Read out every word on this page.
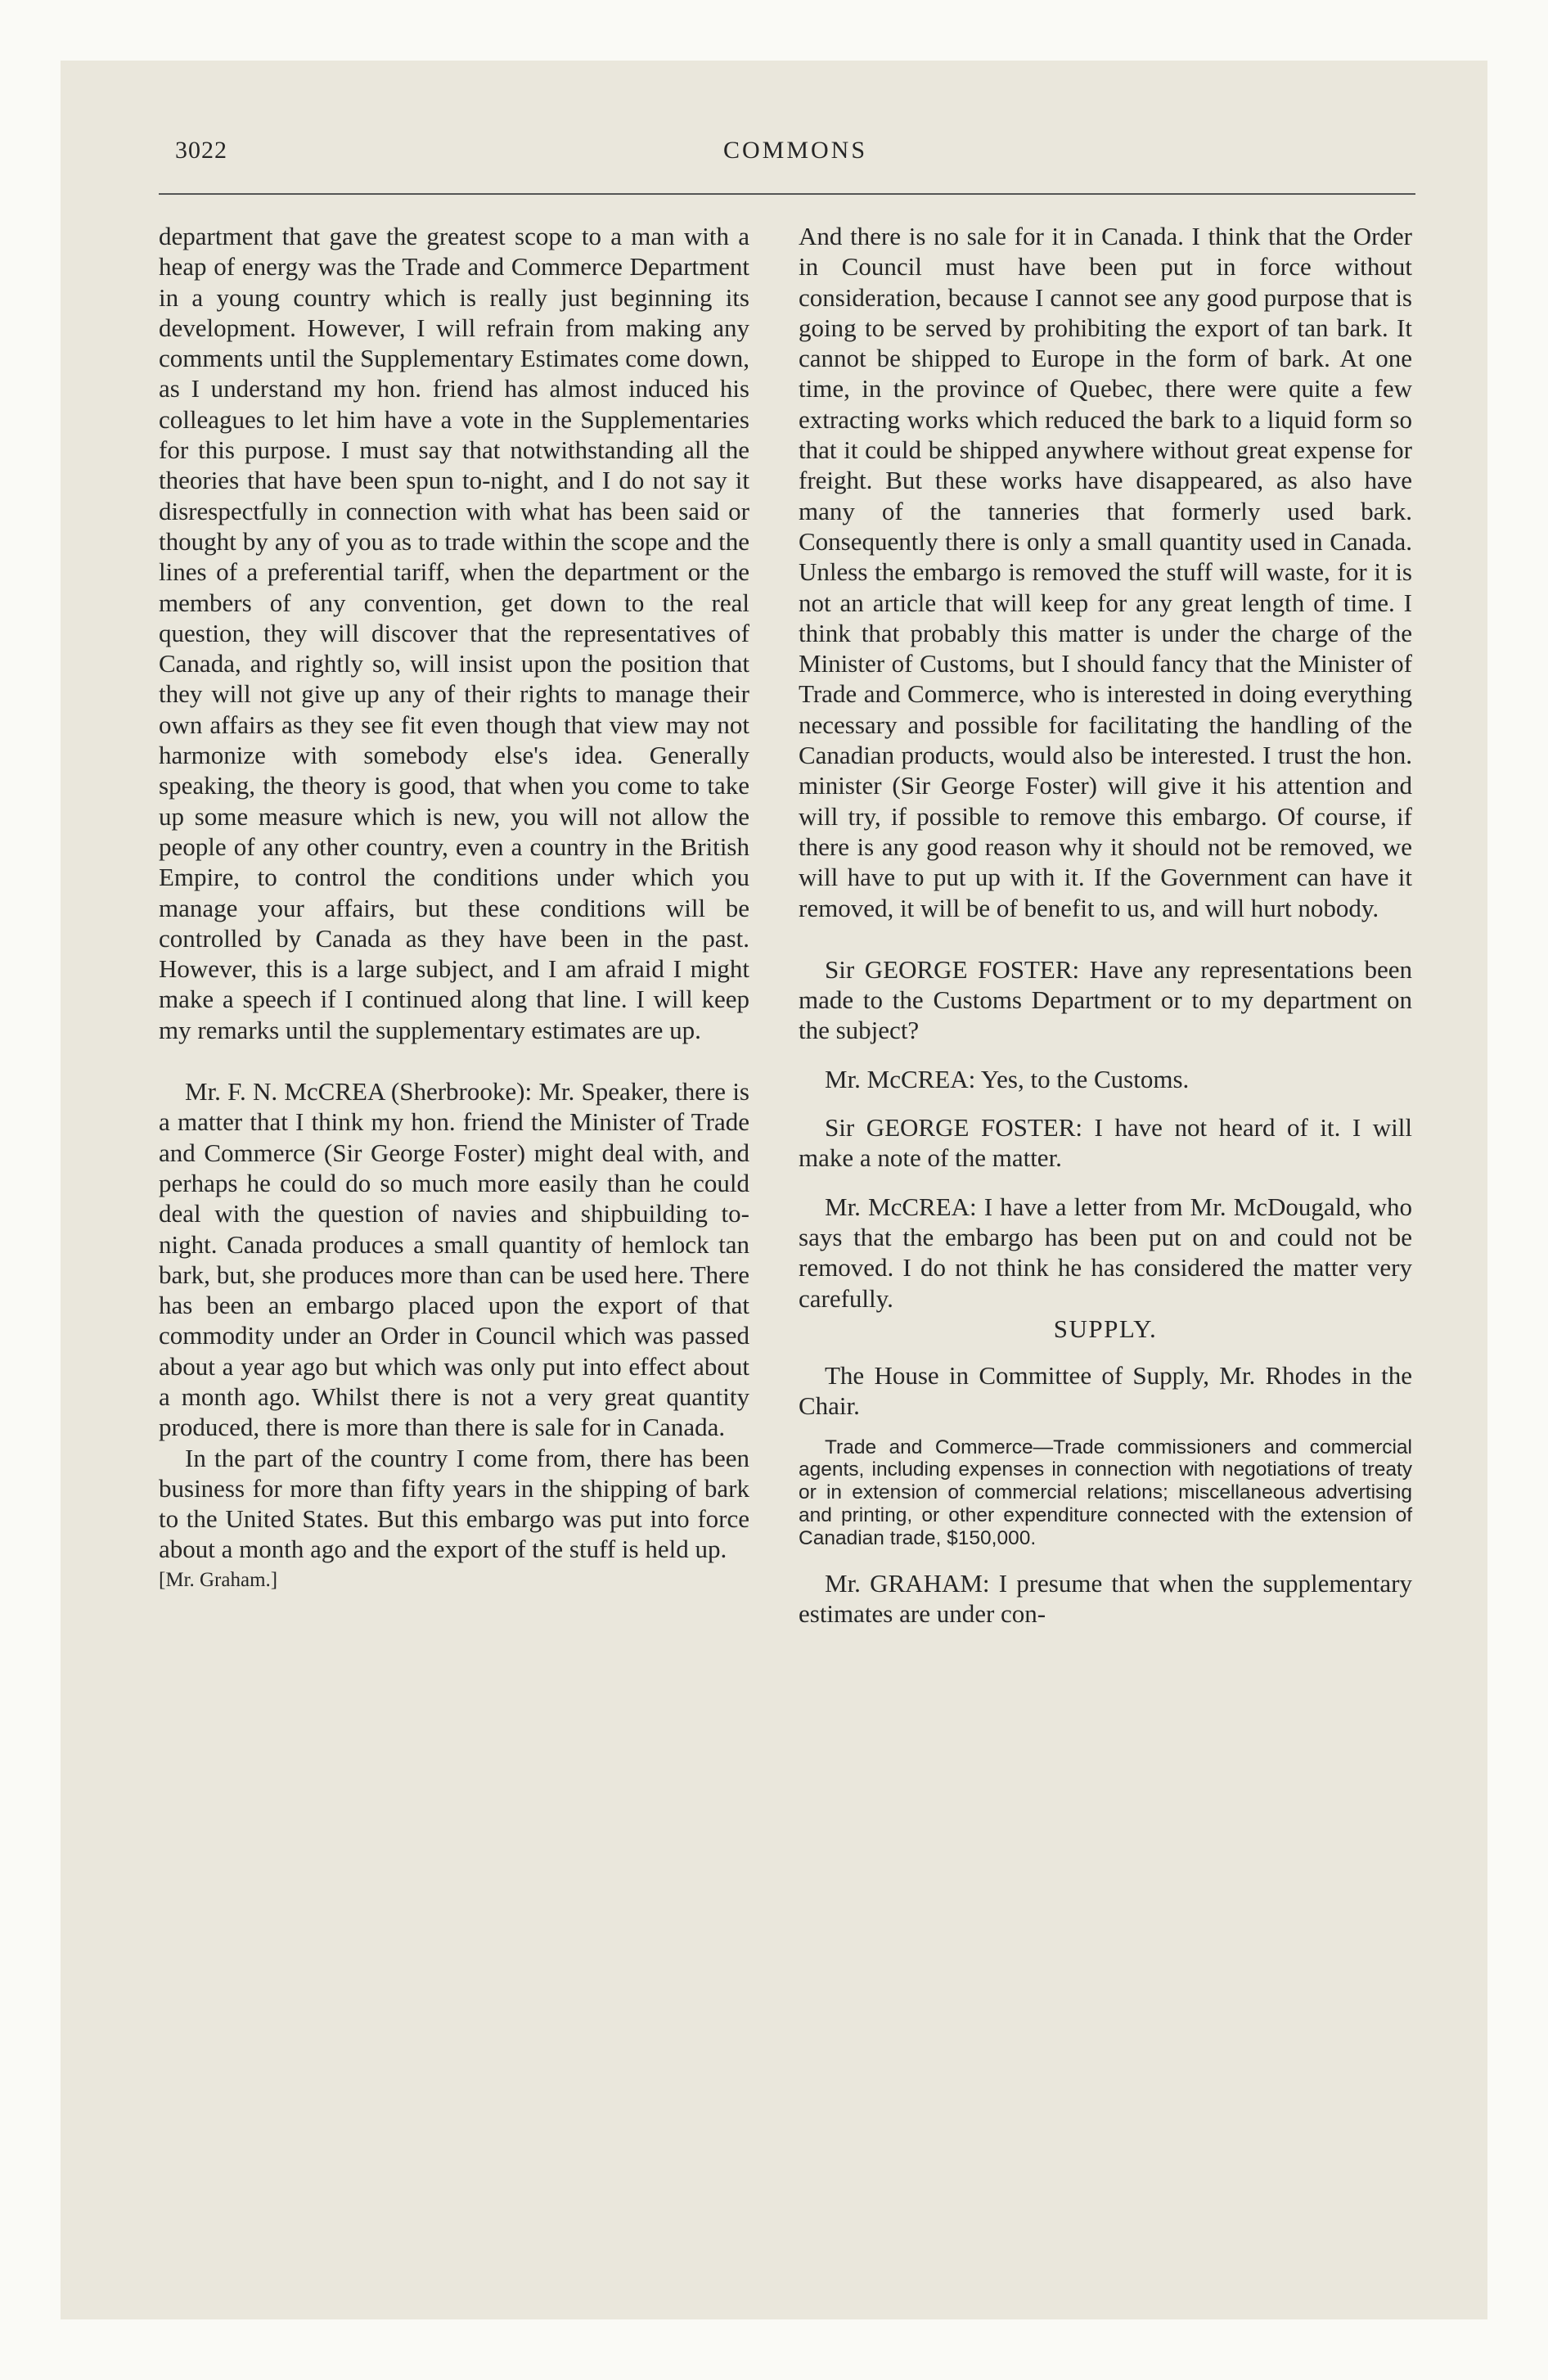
3022	COMMONS

department that gave the greatest scope to a man with a heap of energy was the Trade and Commerce Department in a young country which is really just beginning its development. However, I will refrain from making any comments until the Supplementary Estimates come down, as I understand my hon. friend has almost induced his colleagues to let him have a vote in the Supplementaries for this purpose. I must say that notwithstanding all the theories that have been spun to-night, and I do not say it disrespectfully in connection with what has been said or thought by any of you as to trade within the scope and the lines of a preferential tariff, when the department or the members of any convention, get down to the real question, they will discover that the representatives of Canada, and rightly so, will insist upon the position that they will not give up any of their rights to manage their own affairs as they see fit even though that view may not harmonize with somebody else's idea. Generally speaking, the theory is good, that when you come to take up some measure which is new, you will not allow the people of any other country, even a country in the British Empire, to control the conditions under which you manage your affairs, but these conditions will be controlled by Canada as they have been in the past. However, this is a large subject, and I am afraid I might make a speech if I continued along that line. I will keep my remarks until the supplementary estimates are up.

Mr. F. N. McCREA (Sherbrooke): Mr. Speaker, there is a matter that I think my hon. friend the Minister of Trade and Commerce (Sir George Foster) might deal with, and perhaps he could do so much more easily than he could deal with the question of navies and shipbuilding to-night. Canada produces a small quantity of hemlock tan bark, but, she produces more than can be used here. There has been an embargo placed upon the export of that commodity under an Order in Council which was passed about a year ago but which was only put into effect about a month ago. Whilst there is not a very great quantity produced, there is more than there is sale for in Canada.

In the part of the country I come from, there has been business for more than fifty years in the shipping of bark to the United States. But this embargo was put into force about a month ago and the export of the stuff is held up.

[Mr. Graham.]

And there is no sale for it in Canada. I think that the Order in Council must have been put in force without consideration, because I cannot see any good purpose that is going to be served by prohibiting the export of tan bark. It cannot be shipped to Europe in the form of bark. At one time, in the province of Quebec, there were quite a few extracting works which reduced the bark to a liquid form so that it could be shipped anywhere without great expense for freight. But these works have disappeared, as also have many of the tanneries that formerly used bark. Consequently there is only a small quantity used in Canada. Unless the embargo is removed the stuff will waste, for it is not an article that will keep for any great length of time. I think that probably this matter is under the charge of the Minister of Customs, but I should fancy that the Minister of Trade and Commerce, who is interested in doing everything necessary and possible for facilitating the handling of the Canadian products, would also be interested. I trust the hon. minister (Sir George Foster) will give it his attention and will try, if possible to remove this embargo. Of course, if there is any good reason why it should not be removed, we will have to put up with it. If the Government can have it removed, it will be of benefit to us, and will hurt nobody.

Sir GEORGE FOSTER: Have any representations been made to the Customs Department or to my department on the subject?

Mr. McCREA: Yes, to the Customs.

Sir GEORGE FOSTER: I have not heard of it. I will make a note of the matter.

Mr. McCREA: I have a letter from Mr. McDougald, who says that the embargo has been put on and could not be removed. I do not think he has considered the matter very carefully.

SUPPLY.

The House in Committee of Supply, Mr. Rhodes in the Chair.

Trade and Commerce—Trade commissioners and commercial agents, including expenses in connection with negotiations of treaty or in extension of commercial relations; miscellaneous advertising and printing, or other expenditure connected with the extension of Canadian trade, $150,000.

Mr. GRAHAM: I presume that when the supplementary estimates are under con-
